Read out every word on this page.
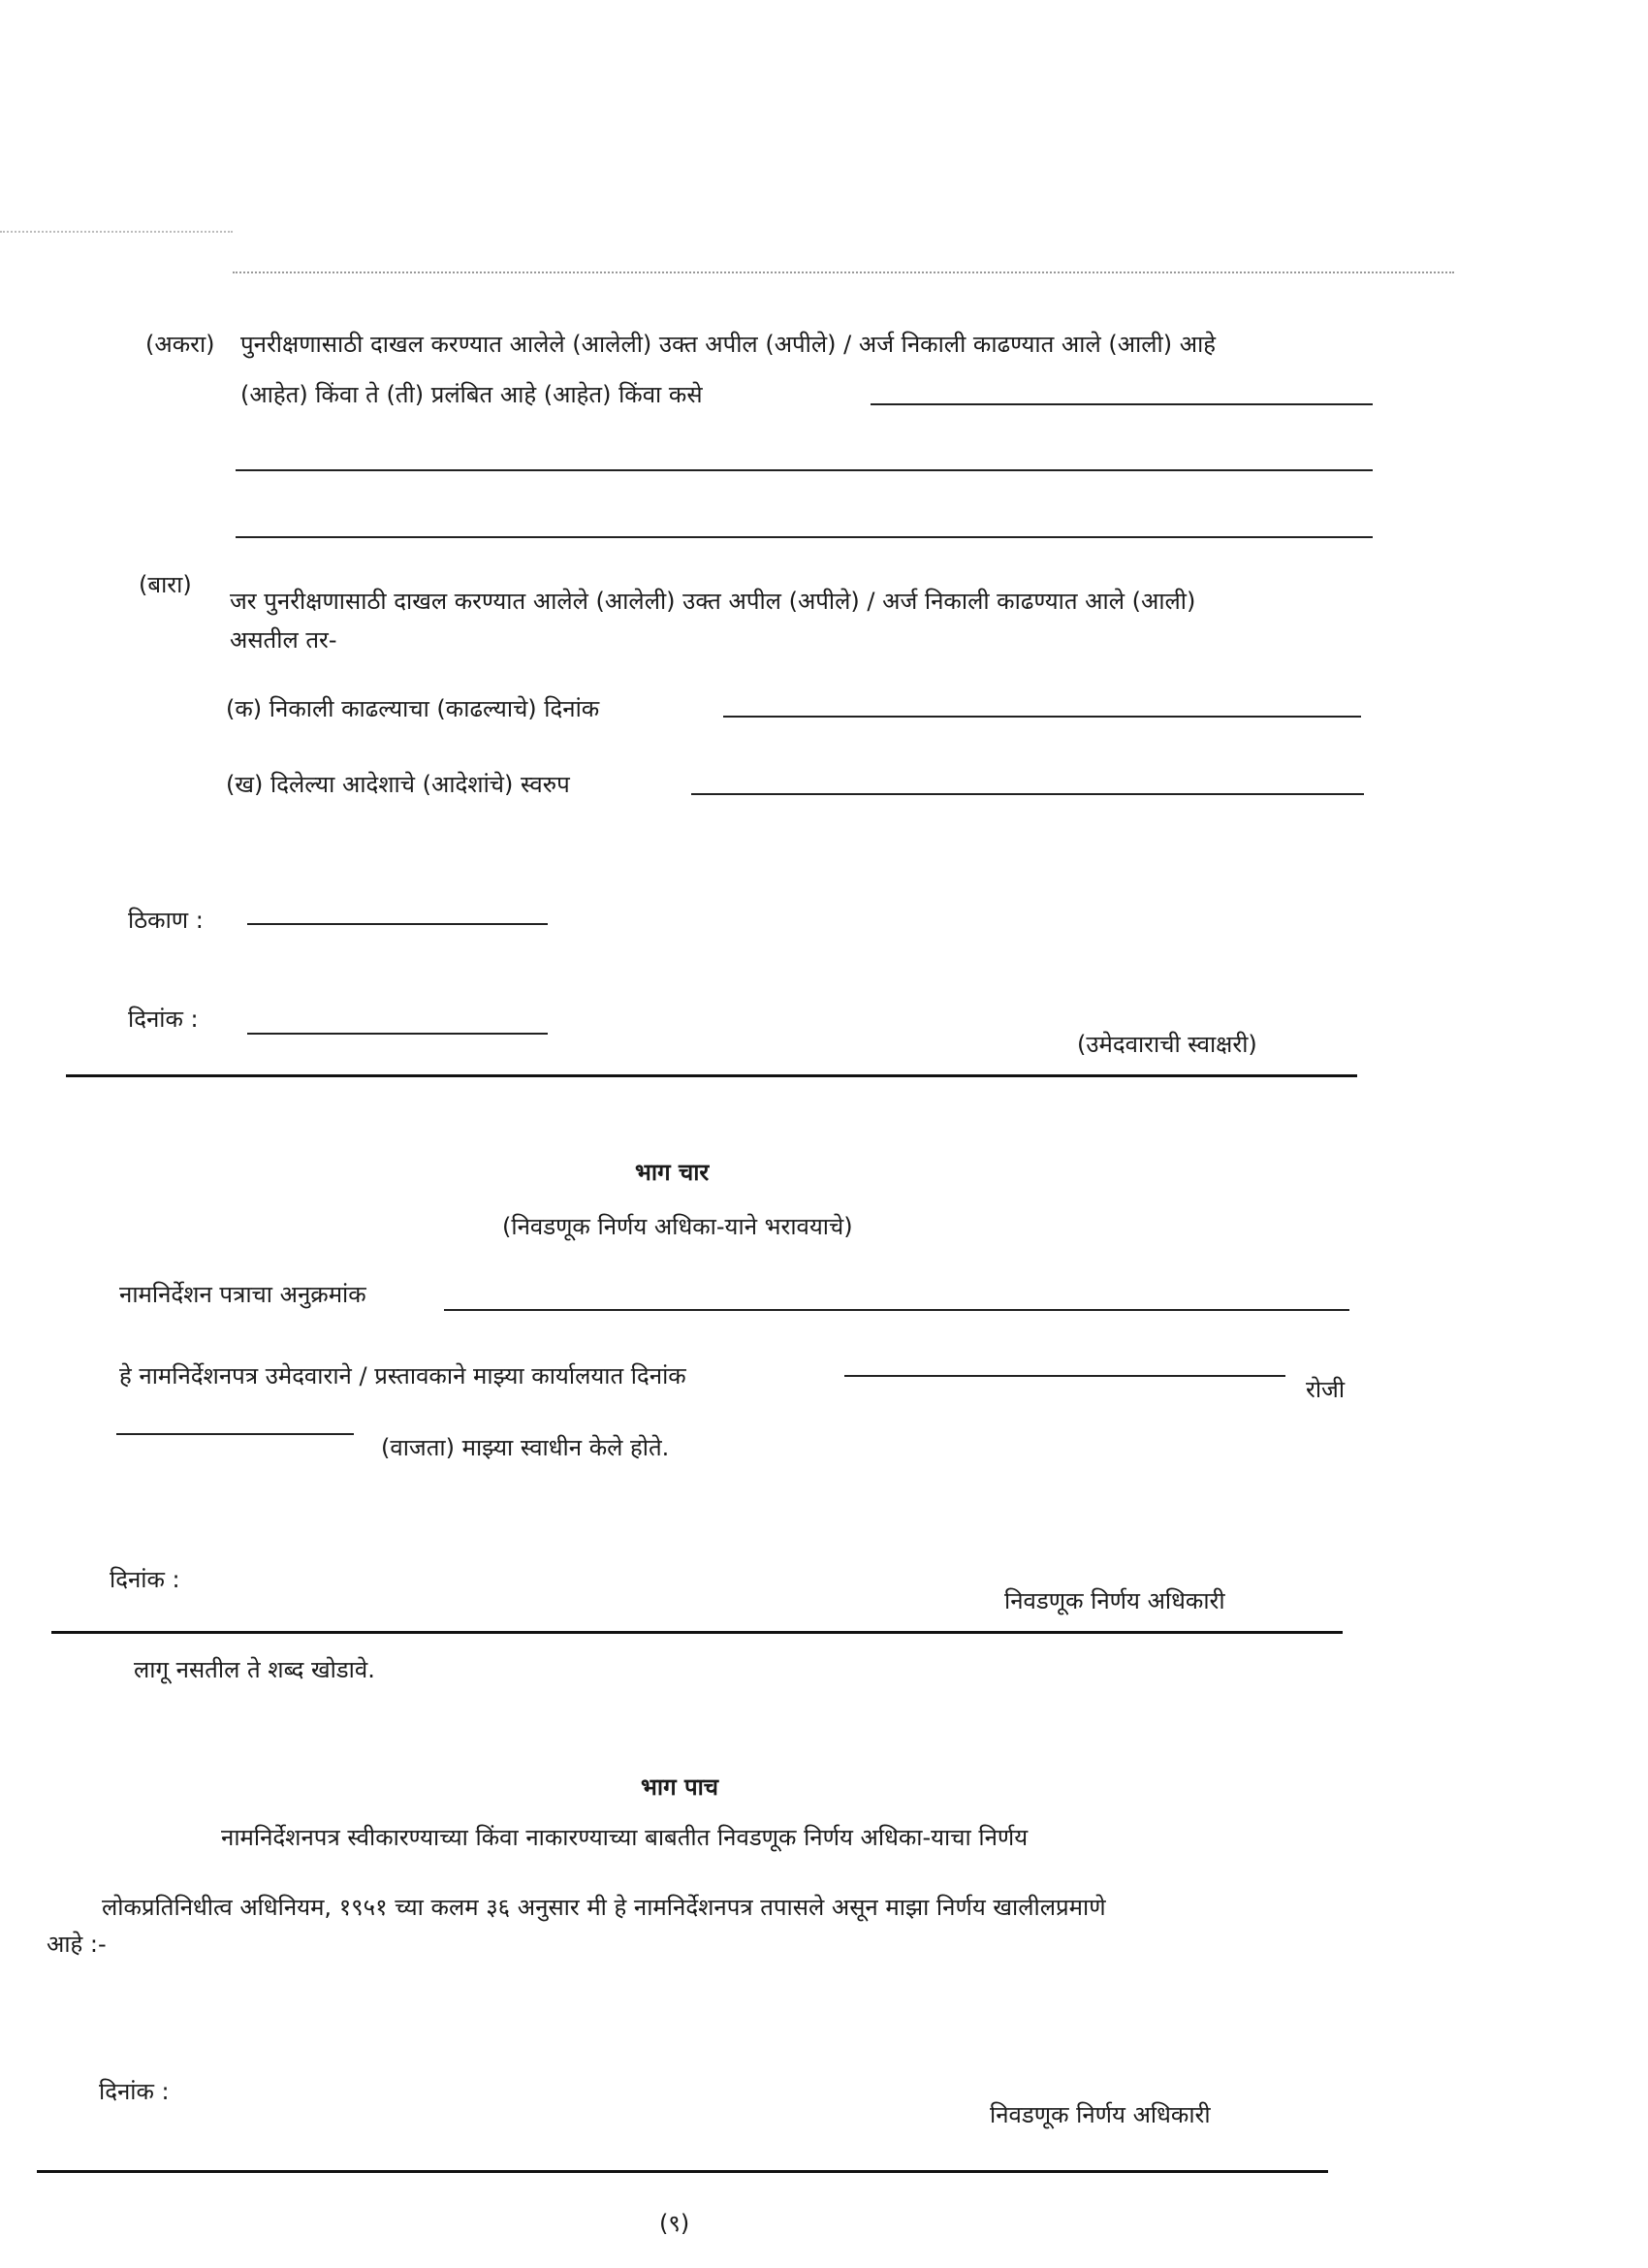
(अकरा) पुनरीक्षणासाठी दाखल करण्यात आलेले (आलेली) उक्त अपील (अपीले) / अर्ज निकाली काढण्यात आले (आली) आहे
(आहेत) किंवा ते (ती) प्रलंबित आहे (आहेत) किंवा कसे
(बारा)
जर पुनरीक्षणासाठी दाखल करण्यात आलेले (आलेली) उक्त अपील (अपीले) / अर्ज निकाली काढण्यात आले (आली)
असतील तर-
(क) निकाली काढल्याचा (काढल्याचे) दिनांक
(ख) दिलेल्या आदेशाचे (आदेशांचे) स्वरुप
ठिकाण :
दिनांक :
(उमेदवाराची स्वाक्षरी)
भाग चार
(निवडणूक निर्णय अधिका-याने भरावयाचे)
नामनिर्देशन पत्राचा अनुक्रमांक
हे नामनिर्देशनपत्र उमेदवाराने / प्रस्तावकाने माझ्या कार्यालयात दिनांक	रोजी
(वाजता) माझ्या स्वाधीन केले होते.
दिनांक :
निवडणूक निर्णय अधिकारी
लागू नसतील ते शब्द खोडावे.
भाग पाच
नामनिर्देशनपत्र स्वीकारण्याच्या किंवा नाकारण्याच्या बाबतीत निवडणूक निर्णय अधिका-याचा निर्णय
लोकप्रतिनिधीत्व अधिनियम, १९५१ च्या कलम ३६ अनुसार मी हे नामनिर्देशनपत्र तपासले असून माझा निर्णय खालीलप्रमाणे
आहे :-
दिनांक :
निवडणूक निर्णय अधिकारी
(९)
